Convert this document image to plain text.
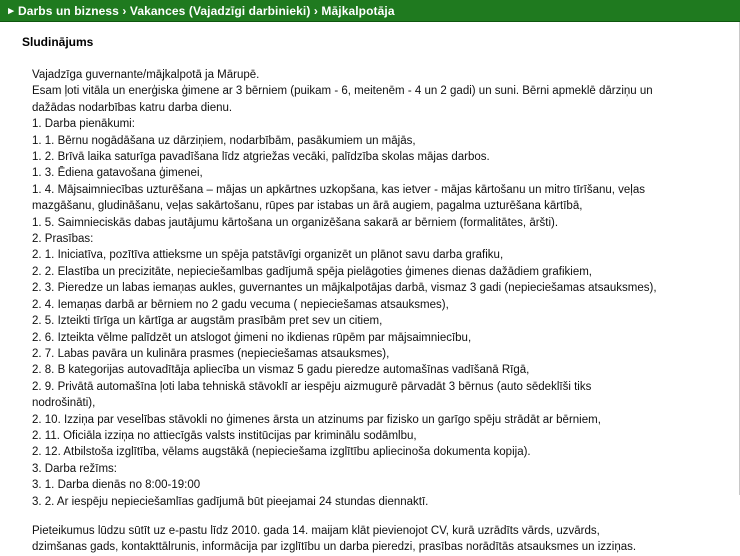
▸ Darbs un bizness › Vakances (Vajadzīgi darbinieki) › Mājkalpotāja
Sludinājums

Vajadzīga guvernante/mājkalpotā ja Mārupē.

Esam ļoti vitāla un enerģiska ģimene ar 3 bērniem (puikam - 6, meitenēm - 4 un 2 gadi) un suni. Bērni apmeklē dārziņu un

dažādas nodarbības katru darba dienu.

1. Darba pienākumi:

1. 1. Bērnu nogādāšana uz dārziņiem, nodarbībām, pasākumiem un mājās,

1. 2. Brīvā laika saturīga pavadīšana līdz atgriežas vecāki, palīdzība skolas mājas darbos.

1. 3. Ēdiena gatavošana ģimenei,

1. 4. Mājsaimniecības uzturēšana – mājas un apkārtnes uzkopšana, kas ietver - mājas kārtošanu un mitro tīrīšanu, veļas

mazgāšanu, gludināšanu, veļas sakārtošanu, rūpes par istabas un ārā augiem, pagalma uzturēšana kārtībā,

1. 5. Saimnieciskās dabas jautājumu kārtošana un organizēšana sakarā ar bērniem (formalitātes, āršti).

2. Prasības:

2. 1. Iniciatīva, pozītīva attieksme un spēja patstāvīgi organizēt un plānot savu darba grafiku,

2. 2. Elastība un precizitāte, nepieciešamlbas gadījumā spēja pielāgoties ģimenes dienas dažādiem grafikiem,

2. 3. Pieredze un labas iemaņas aukles, guvernantes un mājkalpotājas darbā, vismaz 3 gadi (nepieciešamas atsauksmes),

2. 4. Iemaņas darbā ar bērniem no 2 gadu vecuma ( nepieciešamas atsauksmes),

2. 5. Izteikti tīrīga un kārtīga ar augstām prasībām pret sev un citiem,

2. 6. Izteikta vēlme palīdzēt un atslogot ģimeni no ikdienas rūpēm par mājsaimniecību,

2. 7. Labas pavāra un kulināra prasmes (nepieciešamas atsauksmes),

2. 8. B kategorijas autovadītāja apliecība un vismaz 5 gadu pieredze automašīnas vadīšanā Rīgā,

2. 9. Privātā automašīna ļoti laba tehniskā stāvoklī ar iespēju aizmugurē pārvadāt 3 bērnus (auto sēdeklīši tiks

nodrošināti),

2. 10. Izziņa par veselības stāvokli no ģimenes ārsta un atzinums par fizisko un garīgo spēju strādāt ar bērniem,

2. 11. Oficiāla izziņa no attiecīgās valsts institūcijas par kriminālu sodāmlbu,

2. 12. Atbilstoša izglītība, vēlams augstākā (nepieciešama izglītību apliecinoša dokumenta kopija).

3. Darba režīms:

3. 1. Darba dienās no 8:00-19:00

3. 2. Ar iespēju nepieciešamlīas gadījumā būt pieejamai 24 stundas diennaktī.

Pieteikumus lūdzu sūtīt uz e-pastu līdz 2010. gada 14. maijam klāt pievienojot CV, kurā uzrādīts vārds, uzvārds,

dzimšanas gads, kontakttālrunis, informācija par izglītību un darba pieredzi, prasības norādītās atsauksmes un izziņas.
